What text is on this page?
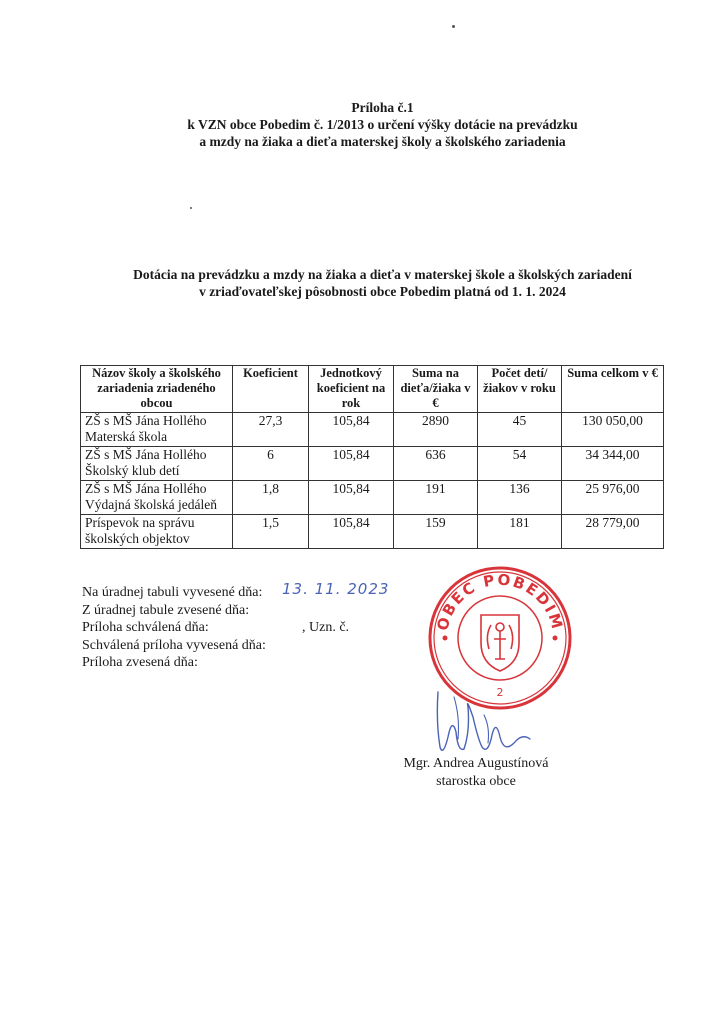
Príloha č.1
k VZN obce Pobedim č. 1/2013 o určení výšky dotácie na prevádzku
a mzdy na žiaka a dieťa materskej školy a školského zariadenia
Dotácia na prevádzku a mzdy na žiaka a dieťa v materskej škole a školských zariadení
v zriaďovateľskej pôsobnosti obce Pobedim platná od 1. 1. 2024
Názov školy a školského zariadenia zriadeného obcou	Koeficient	Jednotkový koeficient na rok	Suma na dieťa/žiaka v €	Počet detí/žiakov v roku	Suma celkom v €
ZŠ s MŠ Jána Hollého
Materská škola	27,3	105,84	2890	45	130 050,00
ZŠ s MŠ Jána Hollého
Školský klub detí	6	105,84	636	54	34 344,00
ZŠ s MŠ Jána Hollého
Výdajná školská jedáleň	1,8	105,84	191	136	25 976,00
Príspevok na správu
školských objektov	1,5	105,84	159	181	28 779,00
Na úradnej tabuli vyvesené dňa: 13. 11. 2023
Z úradnej tabule zvesené dňa:
Príloha schválená dňa:	, Uzn. č.
Schválená príloha vyvesená dňa:
Príloha zvesená dňa:
OBEC POBEDIM
2
Mgr. Andrea Augustínová
starostka obce
